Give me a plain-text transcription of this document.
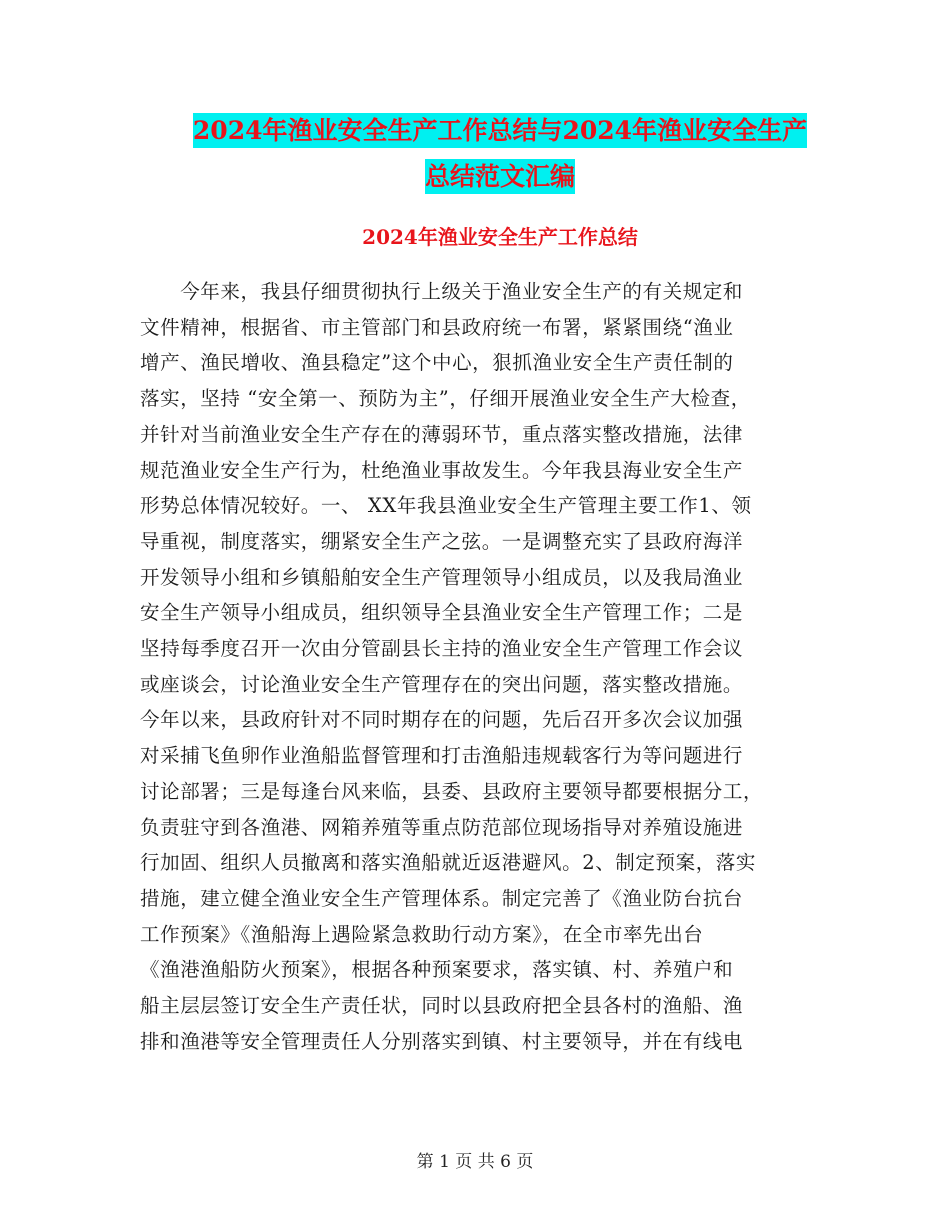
2024年渔业安全生产工作总结与2024年渔业安全生产
总结范文汇编
2024年渔业安全生产工作总结
　　今年来，我县仔细贯彻执行上级关于渔业安全生产的有关规定和
文件精神，根据省、市主管部门和县政府统一布署，紧紧围绕“渔业
增产、渔民增收、渔县稳定”这个中心，狠抓渔业安全生产责任制的
落实，坚持 “安全第一、预防为主”，仔细开展渔业安全生产大检查，
并针对当前渔业安全生产存在的薄弱环节，重点落实整改措施，法律
规范渔业安全生产行为，杜绝渔业事故发生。今年我县海业安全生产
形势总体情况较好。一、 XX年我县渔业安全生产管理主要工作1、领
导重视，制度落实，绷紧安全生产之弦。一是调整充实了县政府海洋
开发领导小组和乡镇船舶安全生产管理领导小组成员，以及我局渔业
安全生产领导小组成员，组织领导全县渔业安全生产管理工作；二是
坚持每季度召开一次由分管副县长主持的渔业安全生产管理工作会议
或座谈会，讨论渔业安全生产管理存在的突出问题，落实整改措施。
今年以来，县政府针对不同时期存在的问题，先后召开多次会议加强
对采捕飞鱼卵作业渔船监督管理和打击渔船违规载客行为等问题进行
讨论部署；三是每逢台风来临，县委、县政府主要领导都要根据分工，
负责驻守到各渔港、网箱养殖等重点防范部位现场指导对养殖设施进
行加固、组织人员撤离和落实渔船就近返港避风。2、制定预案，落实
措施，建立健全渔业安全生产管理体系。制定完善了《渔业防台抗台
工作预案》《渔船海上遇险紧急救助行动方案》，在全市率先出台
《渔港渔船防火预案》，根据各种预案要求，落实镇、村、养殖户和
船主层层签订安全生产责任状，同时以县政府把全县各村的渔船、渔
排和渔港等安全管理责任人分别落实到镇、村主要领导，并在有线电
第 1 页 共 6 页
